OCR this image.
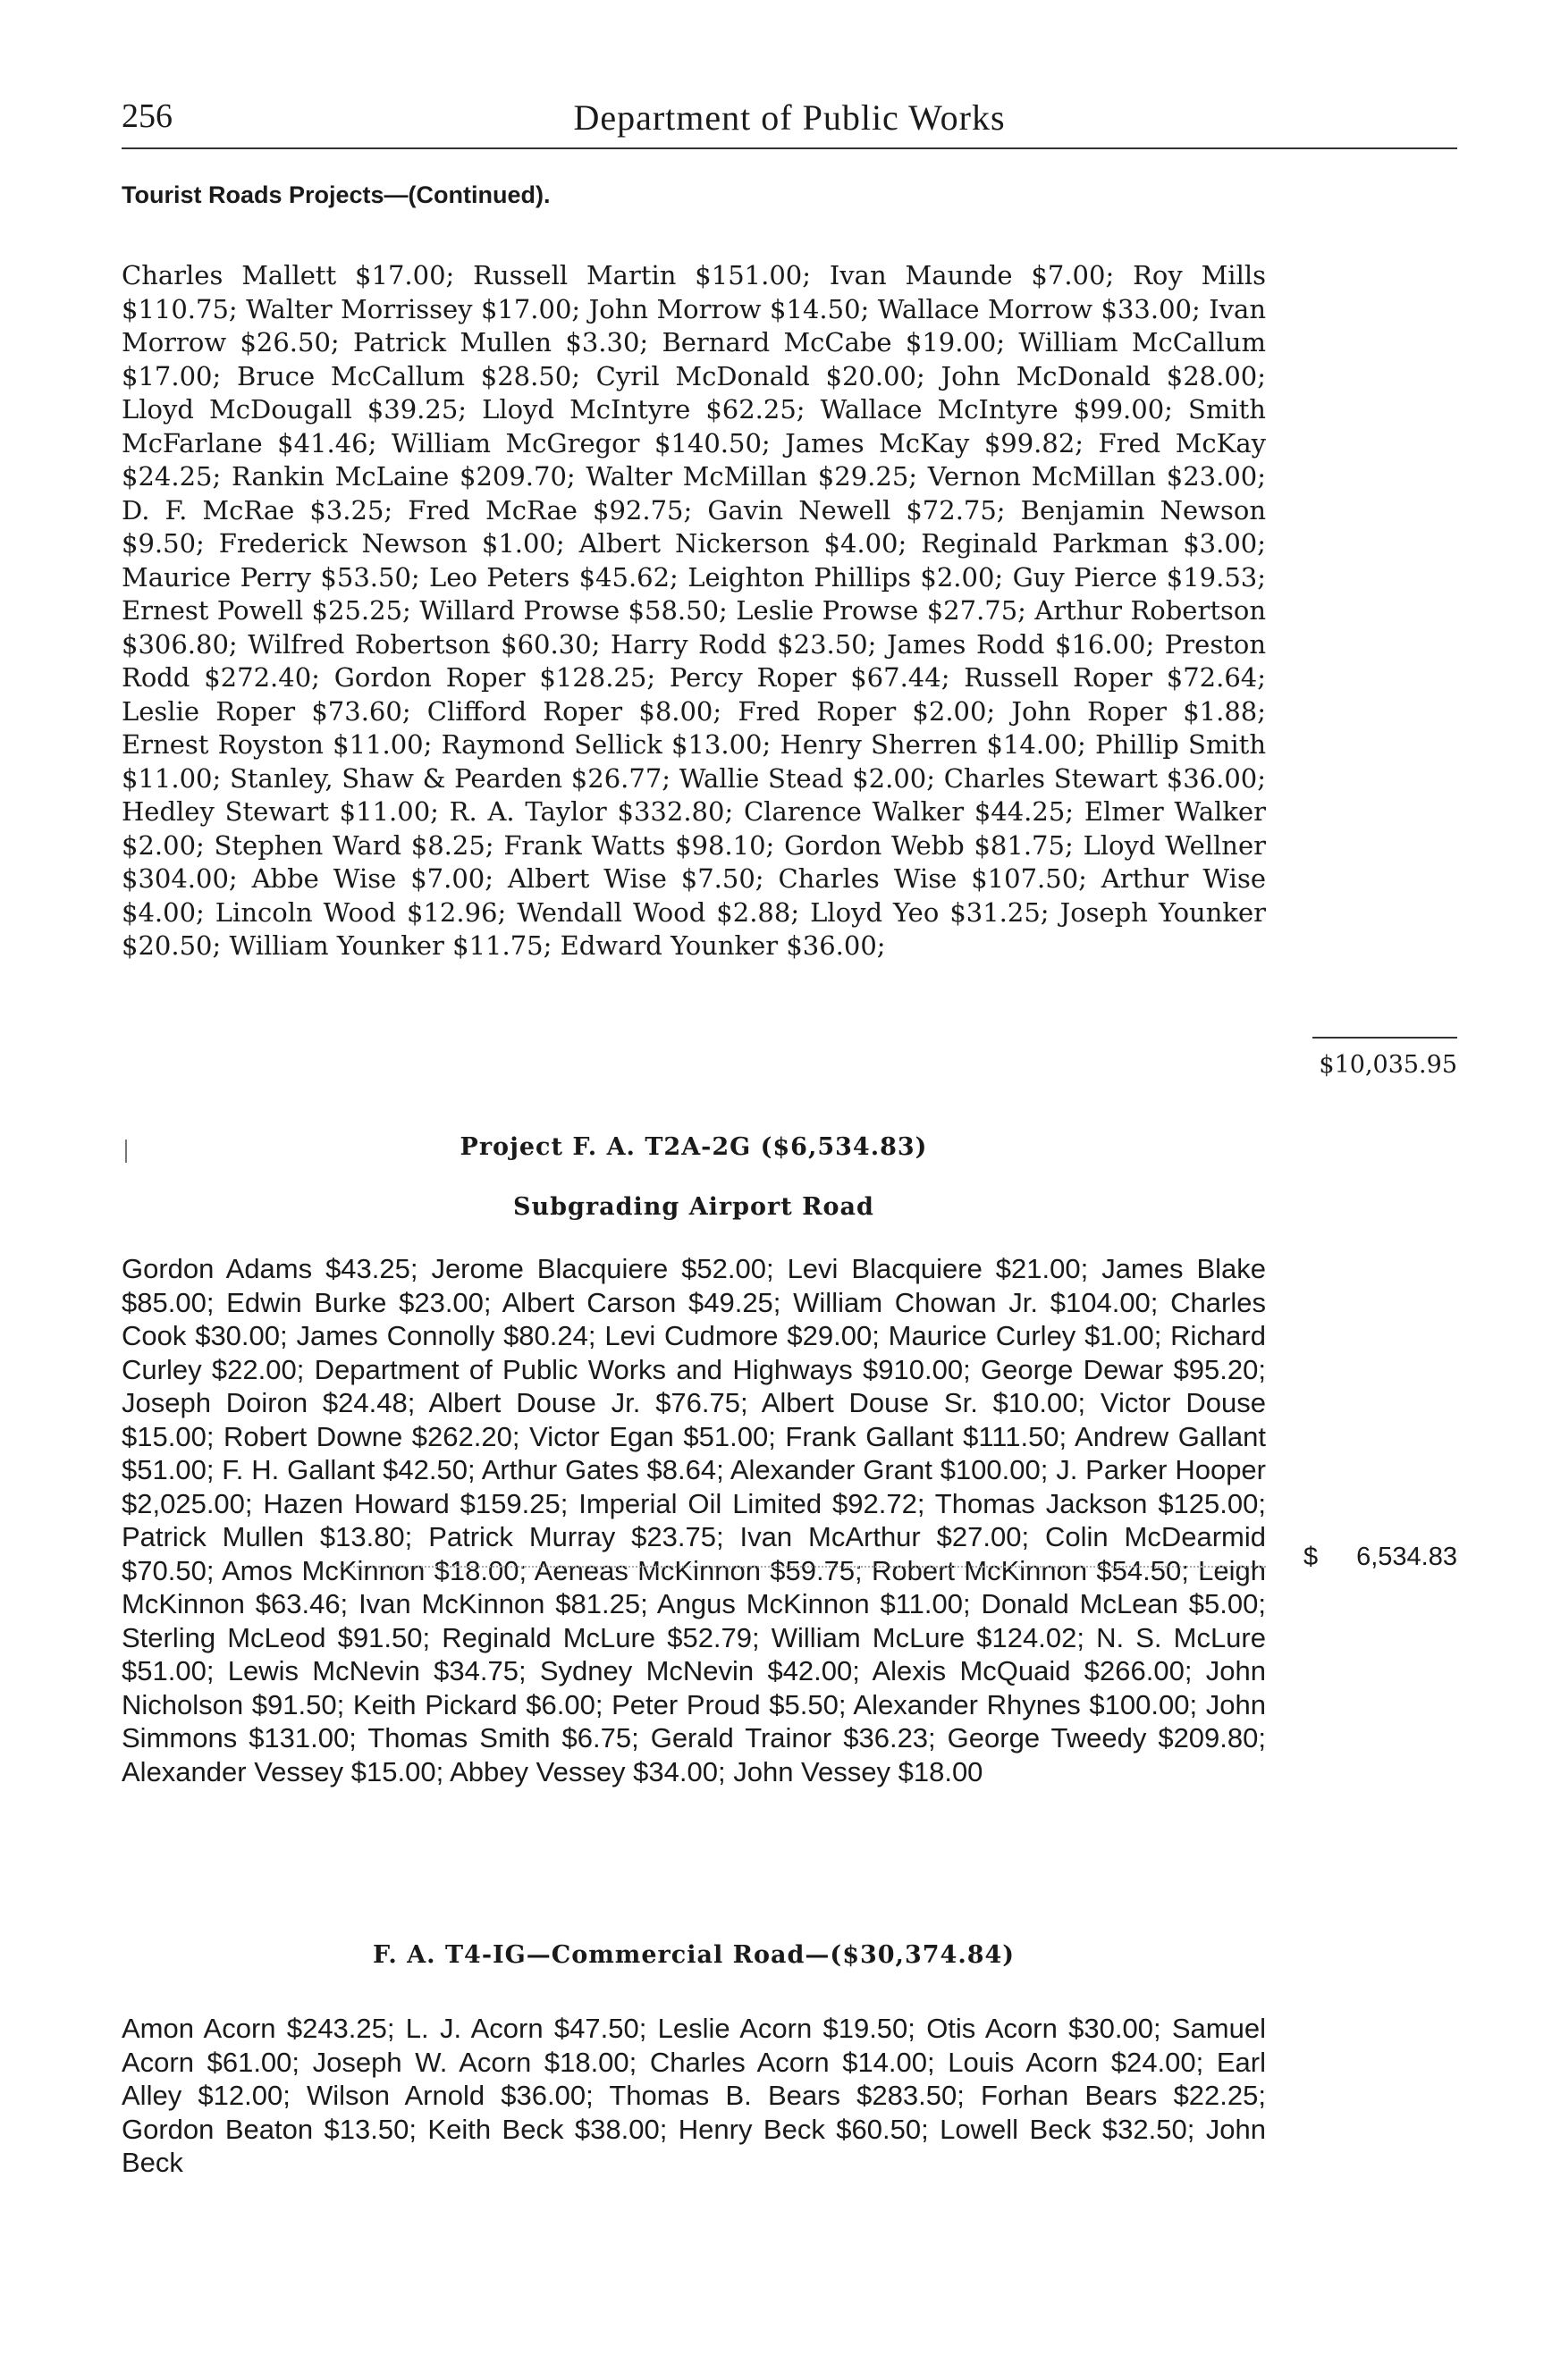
256	Department of Public Works
Tourist Roads Projects—(Continued).

Charles Mallett $17.00; Russell Martin $151.00; Ivan Maunde $7.00; Roy Mills $110.75; Walter Morrissey $17.00; John Morrow $14.50; Wallace Morrow $33.00; Ivan Morrow $26.50; Patrick Mullen $3.30; Bernard McCabe $19.00; William McCallum $17.00; Bruce McCallum $28.50; Cyril McDonald $20.00; John McDonald $28.00; Lloyd McDougall $39.25; Lloyd McIntyre $62.25; Wallace McIntyre $99.00; Smith McFarlane $41.46; William McGregor $140.50; James McKay $99.82; Fred McKay $24.25; Rankin McLaine $209.70; Walter McMillan $29.25; Vernon McMillan $23.00; D. F. McRae $3.25; Fred McRae $92.75; Gavin Newell $72.75; Benjamin Newson $9.50; Frederick Newson $1.00; Albert Nickerson $4.00; Reginald Parkman $3.00; Maurice Perry $53.50; Leo Peters $45.62; Leighton Phillips $2.00; Guy Pierce $19.53; Ernest Powell $25.25; Willard Prowse $58.50; Leslie Prowse $27.75; Arthur Robertson $306.80; Wilfred Robertson $60.30; Harry Rodd $23.50; James Rodd $16.00; Preston Rodd $272.40; Gordon Roper $128.25; Percy Roper $67.44; Russell Roper $72.64; Leslie Roper $73.60; Clifford Roper $8.00; Fred Roper $2.00; John Roper $1.88; Ernest Royston $11.00; Raymond Sellick $13.00; Henry Sherren $14.00; Phillip Smith $11.00; Stanley, Shaw & Pearden $26.77; Wallie Stead $2.00; Charles Stewart $36.00; Hedley Stewart $11.00; R. A. Taylor $332.80; Clarence Walker $44.25; Elmer Walker $2.00; Stephen Ward $8.25; Frank Watts $98.10; Gordon Webb $81.75; Lloyd Wellner $304.00; Abbe Wise $7.00; Albert Wise $7.50; Charles Wise $107.50; Arthur Wise $4.00; Lincoln Wood $12.96; Wendall Wood $2.88; Lloyd Yeo $31.25; Joseph Younker $20.50; William Younker $11.75; Edward Younker $36.00;

$10,035.95
Project F. A. T2A-2G ($6,534.83)
Subgrading Airport Road

Gordon Adams $43.25; Jerome Blacquiere $52.00; Levi Blacquiere $21.00; James Blake $85.00; Edwin Burke $23.00; Albert Carson $49.25; William Chowan Jr. $104.00; Charles Cook $30.00; James Connolly $80.24; Levi Cudmore $29.00; Maurice Curley $1.00; Richard Curley $22.00; Department of Public Works and Highways $910.00; George Dewar $95.20; Joseph Doiron $24.48; Albert Douse Jr. $76.75; Albert Douse Sr. $10.00; Victor Douse $15.00; Robert Downe $262.20; Victor Egan $51.00; Frank Gallant $111.50; Andrew Gallant $51.00; F. H. Gallant $42.50; Arthur Gates $8.64; Alexander Grant $100.00; J. Parker Hooper $2,025.00; Hazen Howard $159.25; Imperial Oil Limited $92.72; Thomas Jackson $125.00; Patrick Mullen $13.80; Patrick Murray $23.75; Ivan McArthur $27.00; Colin McDearmid $70.50; Amos McKinnon $18.00; Aeneas McKinnon $59.75; Robert McKinnon $54.50; Leigh McKinnon $63.46; Ivan McKinnon $81.25; Angus McKinnon $11.00; Donald McLean $5.00; Sterling McLeod $91.50; Reginald McLure $52.79; William McLure $124.02; N. S. McLure $51.00; Lewis McNevin $34.75; Sydney McNevin $42.00; Alexis McQuaid $266.00; John Nicholson $91.50; Keith Pickard $6.00; Peter Proud $5.50; Alexander Rhynes $100.00; John Simmons $131.00; Thomas Smith $6.75; Gerald Trainor $36.23; George Tweedy $209.80; Alexander Vessey $15.00; Abbey Vessey $34.00; John Vessey $18.00

$ 6,534.83
F. A. T4-IG—Commercial Road—($30,374.84)

Amon Acorn $243.25; L. J. Acorn $47.50; Leslie Acorn $19.50; Otis Acorn $30.00; Samuel Acorn $61.00; Joseph W. Acorn $18.00; Charles Acorn $14.00; Louis Acorn $24.00; Earl Alley $12.00; Wilson Arnold $36.00; Thomas B. Bears $283.50; Forhan Bears $22.25; Gordon Beaton $13.50; Keith Beck $38.00; Henry Beck $60.50; Lowell Beck $32.50; John Beck
